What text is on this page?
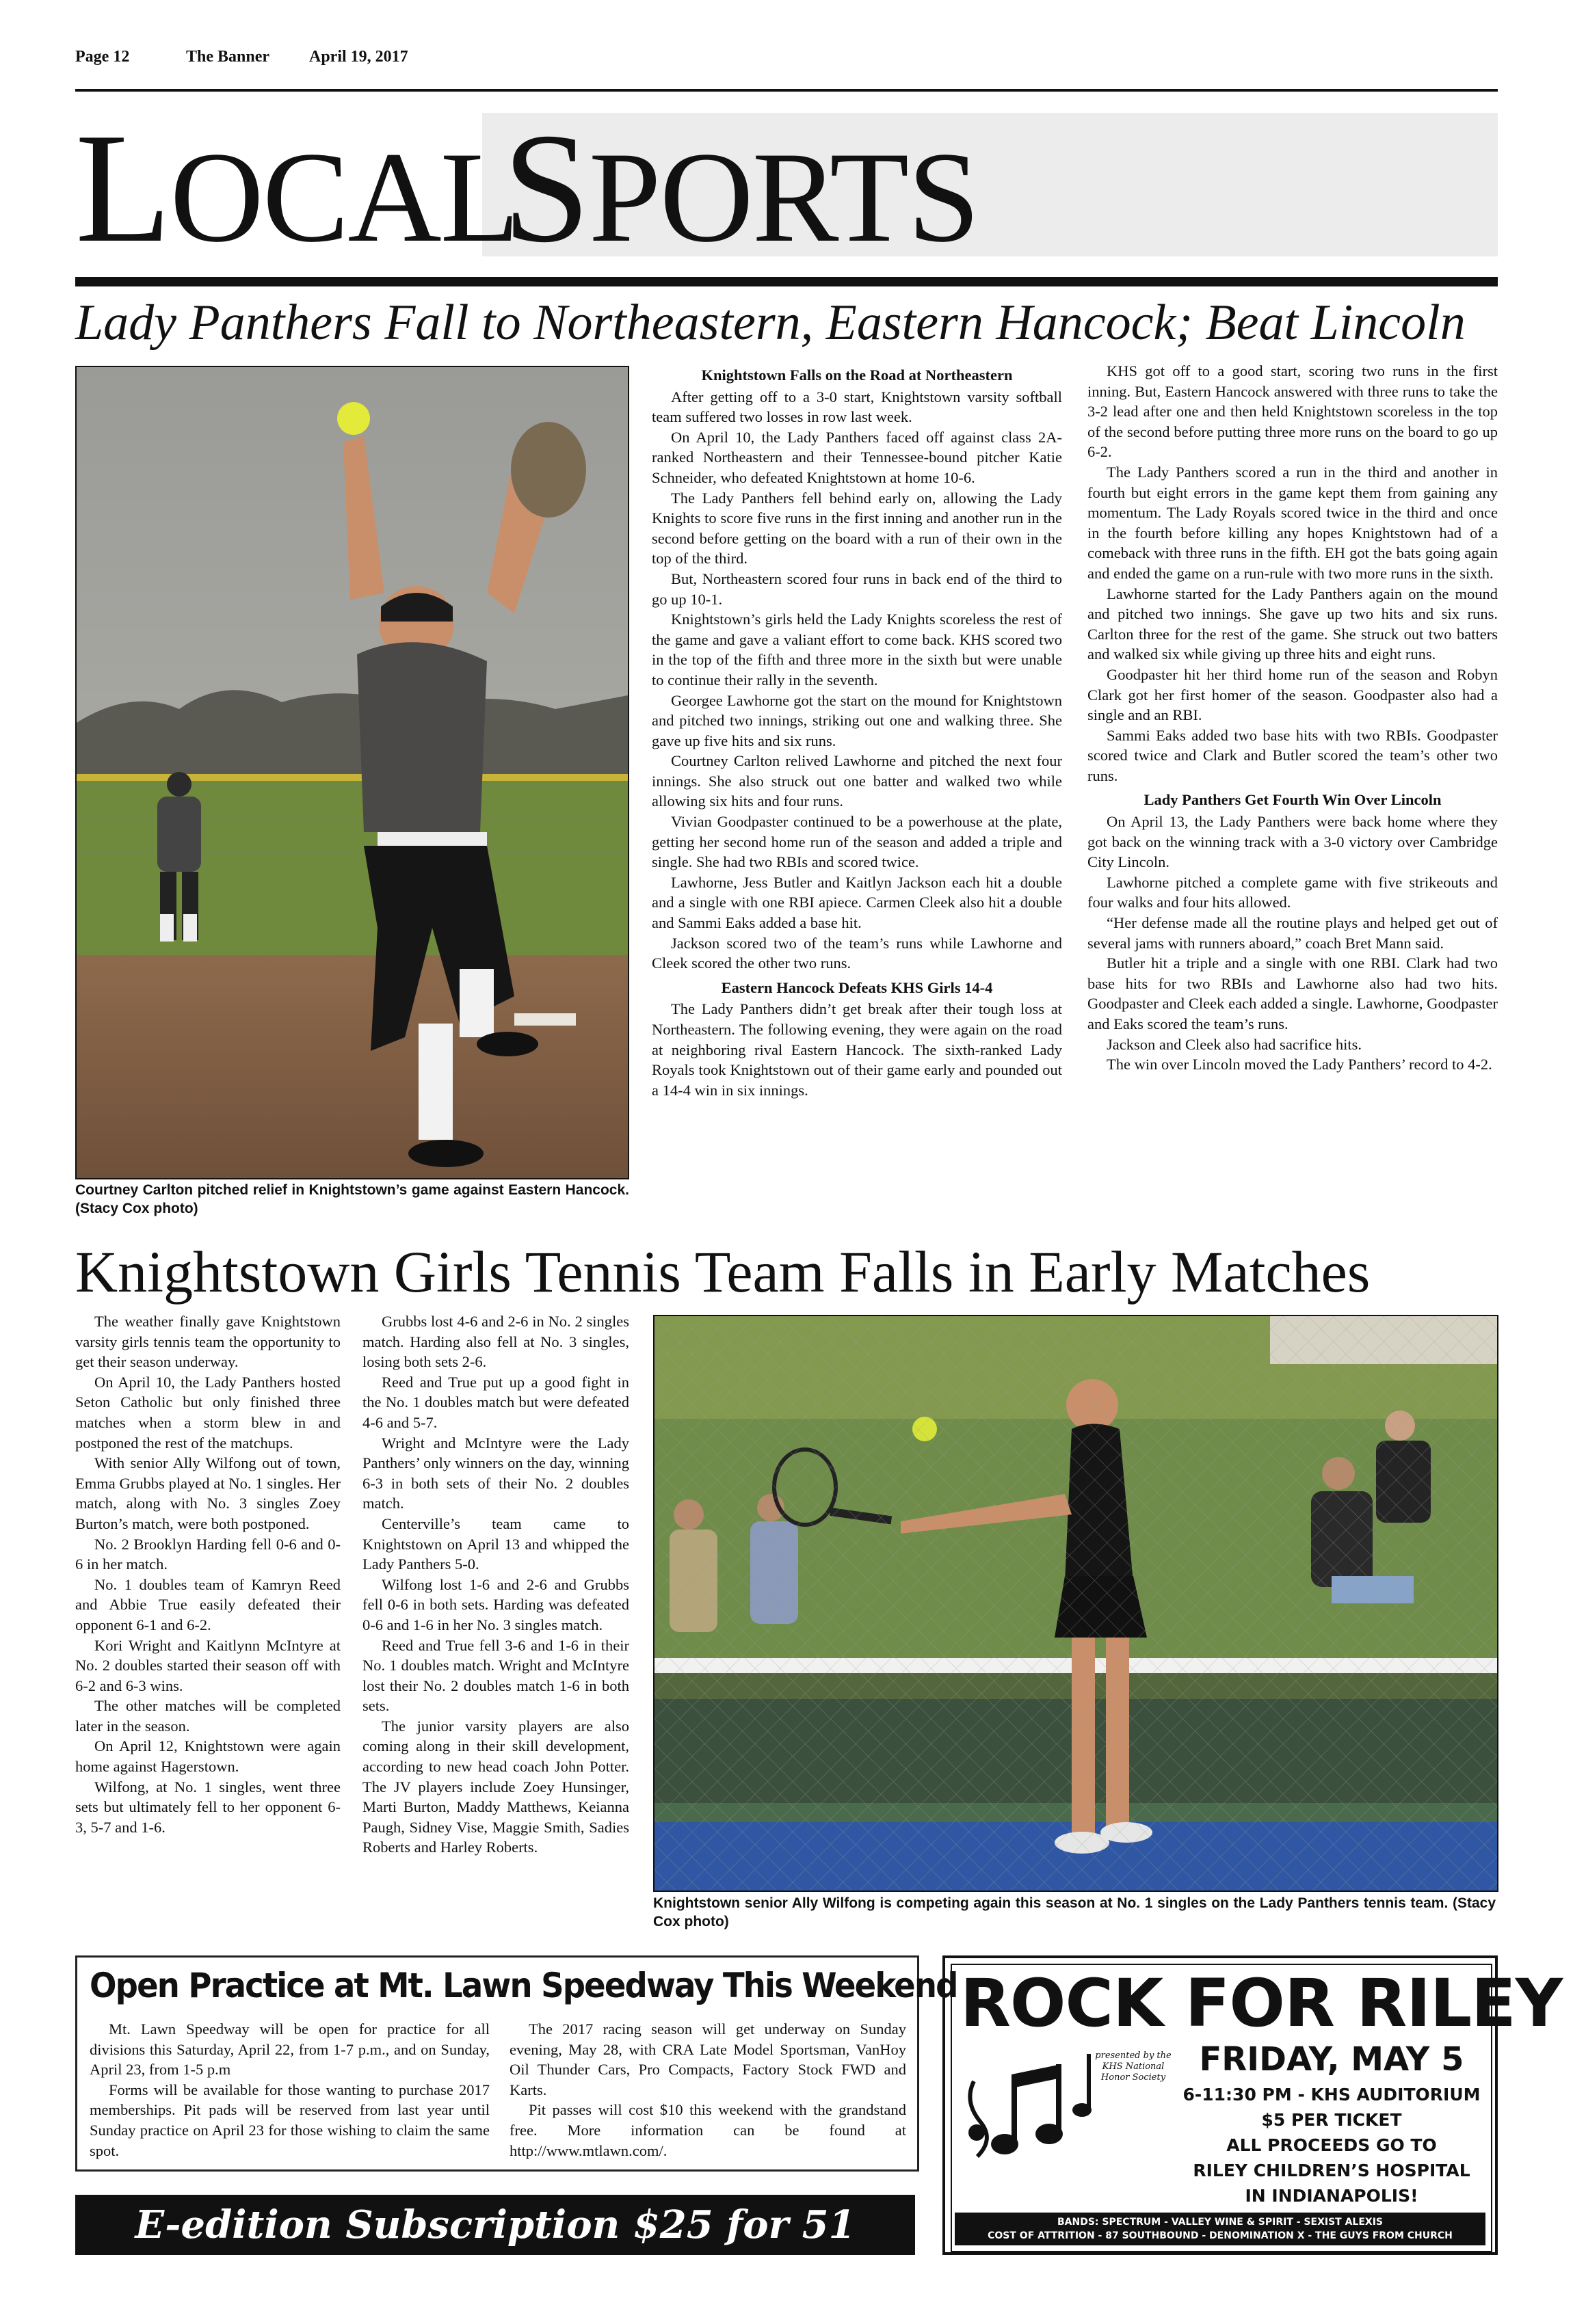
Page 12	The Banner April 19, 2017
LOCAL
SPORTS
Lady Panthers Fall to Northeastern, Eastern Hancock; Beat Lincoln
Courtney Carlton pitched relief in Knightstown’s game against Eastern Hancock. (Stacy Cox photo)
Knightstown Falls on the Road at Northeastern

After getting off to a 3-0 start, Knightstown varsity softball team suffered two losses in row last week.

On April 10, the Lady Panthers faced off against class 2A- ranked Northeastern and their Tennessee-bound pitcher Katie Schneider, who defeated Knightstown at home 10-6.

The Lady Panthers fell behind early on, allowing the Lady Knights to score five runs in the first inning and another run in the second before getting on the board with a run of their own in the top of the third.

But, Northeastern scored four runs in back end of the third to go up 10-1.

Knightstown’s girls held the Lady Knights scoreless the rest of the game and gave a valiant effort to come back. KHS scored two in the top of the fifth and three more in the sixth but were unable to continue their rally in the seventh.

Georgee Lawhorne got the start on the mound for Knightstown and pitched two innings, striking out one and walking three. She gave up five hits and six runs.

Courtney Carlton relived Lawhorne and pitched the next four innings. She also struck out one batter and walked two while allowing six hits and four runs.

Vivian Goodpaster continued to be a powerhouse at the plate, getting her second home run of the season and added a triple and single. She had two RBIs and scored twice.

Lawhorne, Jess Butler and Kaitlyn Jackson each hit a double and a single with one RBI apiece. Carmen Cleek also hit a double and Sammi Eaks added a base hit.

Jackson scored two of the team’s runs while Lawhorne and Cleek scored the other two runs.

Eastern Hancock Defeats KHS Girls 14-4

The Lady Panthers didn’t get break after their tough loss at Northeastern. The following evening, they were again on the road at neighboring rival Eastern Hancock. The sixth-ranked Lady Royals took Knightstown out of their game early and pounded out a 14-4 win in six innings.

KHS got off to a good start, scoring two runs in the first inning. But, Eastern Hancock answered with three runs to take the 3-2 lead after one and then held Knightstown scoreless in the top of the second before putting three more runs on the board to go up 6-2.

The Lady Panthers scored a run in the third and another in fourth but eight errors in the game kept them from gaining any momentum. The Lady Royals scored twice in the third and once in the fourth before killing any hopes Knightstown had of a comeback with three runs in the fifth. EH got the bats going again and ended the game on a run-rule with two more runs in the sixth.

Lawhorne started for the Lady Panthers again on the mound and pitched two innings. She gave up two hits and six runs. Carlton three for the rest of the game. She struck out two batters and walked six while giving up three hits and eight runs.

Goodpaster hit her third home run of the season and Robyn Clark got her first homer of the season. Goodpaster also had a single and an RBI.

Sammi Eaks added two base hits with two RBIs. Goodpaster scored twice and Clark and Butler scored the team’s other two runs.

Lady Panthers Get Fourth Win Over Lincoln

On April 13, the Lady Panthers were back home where they got back on the winning track with a 3-0 victory over Cambridge City Lincoln.

Lawhorne pitched a complete game with five strikeouts and four walks and four hits allowed.

“Her defense made all the routine plays and helped get out of several jams with runners aboard,” coach Bret Mann said.

Butler hit a triple and a single with one RBI. Clark had two base hits for two RBIs and Lawhorne also had two hits. Goodpaster and Cleek each added a single. Lawhorne, Goodpaster and Eaks scored the team’s runs.

Jackson and Cleek also had sacrifice hits.

The win over Lincoln moved the Lady Panthers’ record to 4-2.

Knightstown Girls Tennis Team Falls in Early Matches

The weather finally gave Knightstown varsity girls tennis team the opportunity to get their season underway.

On April 10, the Lady Panthers hosted Seton Catholic but only finished three matches when a storm blew in and postponed the rest of the matchups.

With senior Ally Wilfong out of town, Emma Grubbs played at No. 1 singles. Her match, along with No. 3 singles Zoey Burton’s match, were both postponed.

No. 2 Brooklyn Harding fell 0-6 and 0-6 in her match.

No. 1 doubles team of Kamryn Reed and Abbie True easily defeated their opponent 6-1 and 6-2.

Kori Wright and Kaitlynn McIntyre at No. 2 doubles started their season off with 6-2 and 6-3 wins.

The other matches will be completed later in the season.

On April 12, Knightstown were again home against Hagerstown.

Wilfong, at No. 1 singles, went three sets but ultimately fell to her opponent 6-3, 5-7 and 1-6.

Grubbs lost 4-6 and 2-6 in No. 2 singles match. Harding also fell at No. 3 singles, losing both sets 2-6.

Reed and True put up a good fight in the No. 1 doubles match but were defeated 4-6 and 5-7.

Wright and McIntyre were the Lady Panthers’ only winners on the day, winning 6-3 in both sets of their No. 2 doubles match.

Centerville’s team came to Knightstown on April 13 and whipped the Lady Panthers 5-0.

Wilfong lost 1-6 and 2-6 and Grubbs fell 0-6 in both sets. Harding was defeated 0-6 and 1-6 in her No. 3 singles match.

Reed and True fell 3-6 and 1-6 in their No. 1 doubles match. Wright and McIntyre lost their No. 2 doubles match 1-6 in both sets.

The junior varsity players are also coming along in their skill development, according to new head coach John Potter. The JV players include Zoey Hunsinger, Marti Burton, Maddy Matthews, Keianna Paugh, Sidney Vise, Maggie Smith, Sadies Roberts and Harley Roberts.

Knightstown senior Ally Wilfong is competing again this season at No. 1 singles on the Lady Panthers tennis team. (Stacy Cox photo)
Open Practice at Mt. Lawn Speedway This Weekend

Mt. Lawn Speedway will be open for practice for all divisions this Saturday, April 22, from 1-7 p.m., and on Sunday, April 23, from 1-5 p.m

Forms will be available for those wanting to purchase 2017 memberships. Pit pads will be reserved from last year until Sunday practice on April 23 for those wishing to claim the same spot.

The 2017 racing season will get underway on Sunday evening, May 28, with CRA Late Model Sportsman, VanHoy Oil Thunder Cars, Pro Compacts, Factory Stock FWD and Karts.

Pit passes will cost $10 this weekend with the grandstand free. More information can be found at http://www.mtlawn.com/.

E-edition Subscription $25 for 51 issues
ROCK FOR RILEY
presented by the KHS National Honor Society	FRIDAY, MAY 5
6-11:30 PM - KHS AUDITORIUM
$5 PER TICKET
ALL PROCEEDS GO TO
RILEY CHILDREN’S HOSPITAL
IN INDIANAPOLIS!
BANDS: SPECTRUM - VALLEY WINE & SPIRIT - SEXIST ALEXIS
COST OF ATTRITION - 87 SOUTHBOUND - DENOMINATION X - THE GUYS FROM CHURCH
